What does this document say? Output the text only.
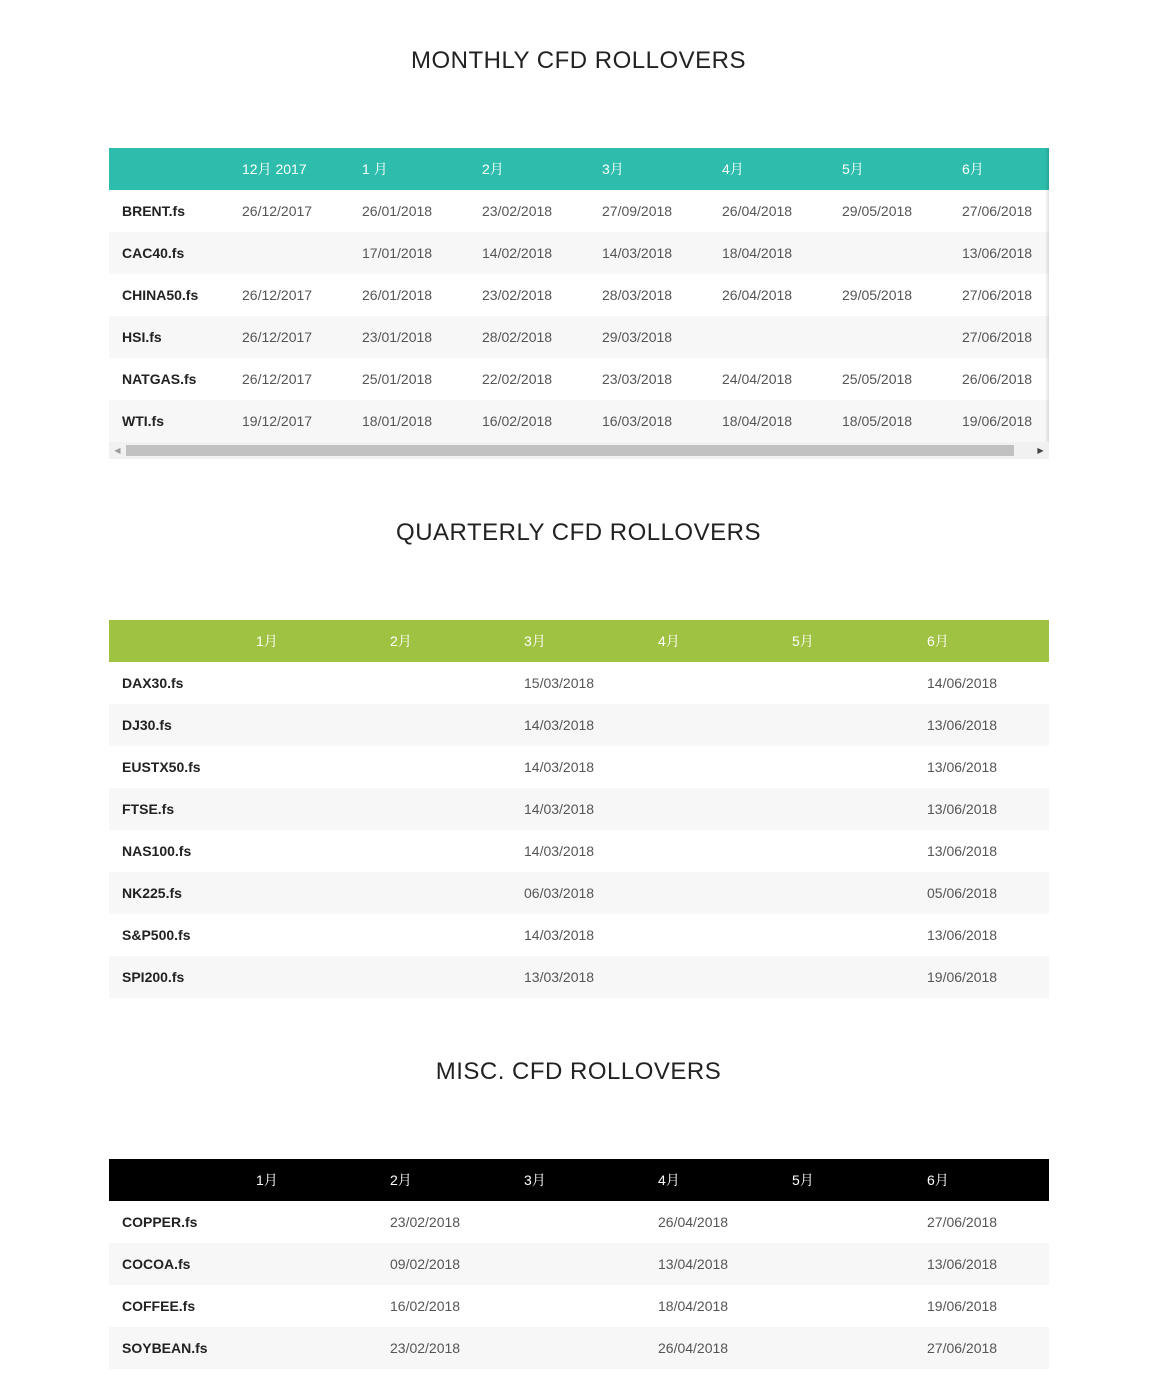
MONTHLY CFD ROLLOVERS
	12月 2017	1 月	2月	3月	4月	5月	6月
BRENT.fs	26/12/2017	26/01/2018	23/02/2018	27/09/2018	26/04/2018	29/05/2018	27/06/2018
CAC40.fs		17/01/2018	14/02/2018	14/03/2018	18/04/2018		13/06/2018
CHINA50.fs	26/12/2017	26/01/2018	23/02/2018	28/03/2018	26/04/2018	29/05/2018	27/06/2018
HSI.fs	26/12/2017	23/01/2018	28/02/2018	29/03/2018			27/06/2018
NATGAS.fs	26/12/2017	25/01/2018	22/02/2018	23/03/2018	24/04/2018	25/05/2018	26/06/2018
WTI.fs	19/12/2017	18/01/2018	16/02/2018	16/03/2018	18/04/2018	18/05/2018	19/06/2018
◀	▶
QUARTERLY CFD ROLLOVERS
	1月	2月	3月	4月	5月	6月
DAX30.fs			15/03/2018			14/06/2018
DJ30.fs			14/03/2018			13/06/2018
EUSTX50.fs			14/03/2018			13/06/2018
FTSE.fs			14/03/2018			13/06/2018
NAS100.fs			14/03/2018			13/06/2018
NK225.fs			06/03/2018			05/06/2018
S&P500.fs			14/03/2018			13/06/2018
SPI200.fs			13/03/2018			19/06/2018
MISC. CFD ROLLOVERS
	1月	2月	3月	4月	5月	6月
COPPER.fs		23/02/2018		26/04/2018		27/06/2018
COCOA.fs		09/02/2018		13/04/2018		13/06/2018
COFFEE.fs		16/02/2018		18/04/2018		19/06/2018
SOYBEAN.fs		23/02/2018		26/04/2018		27/06/2018
